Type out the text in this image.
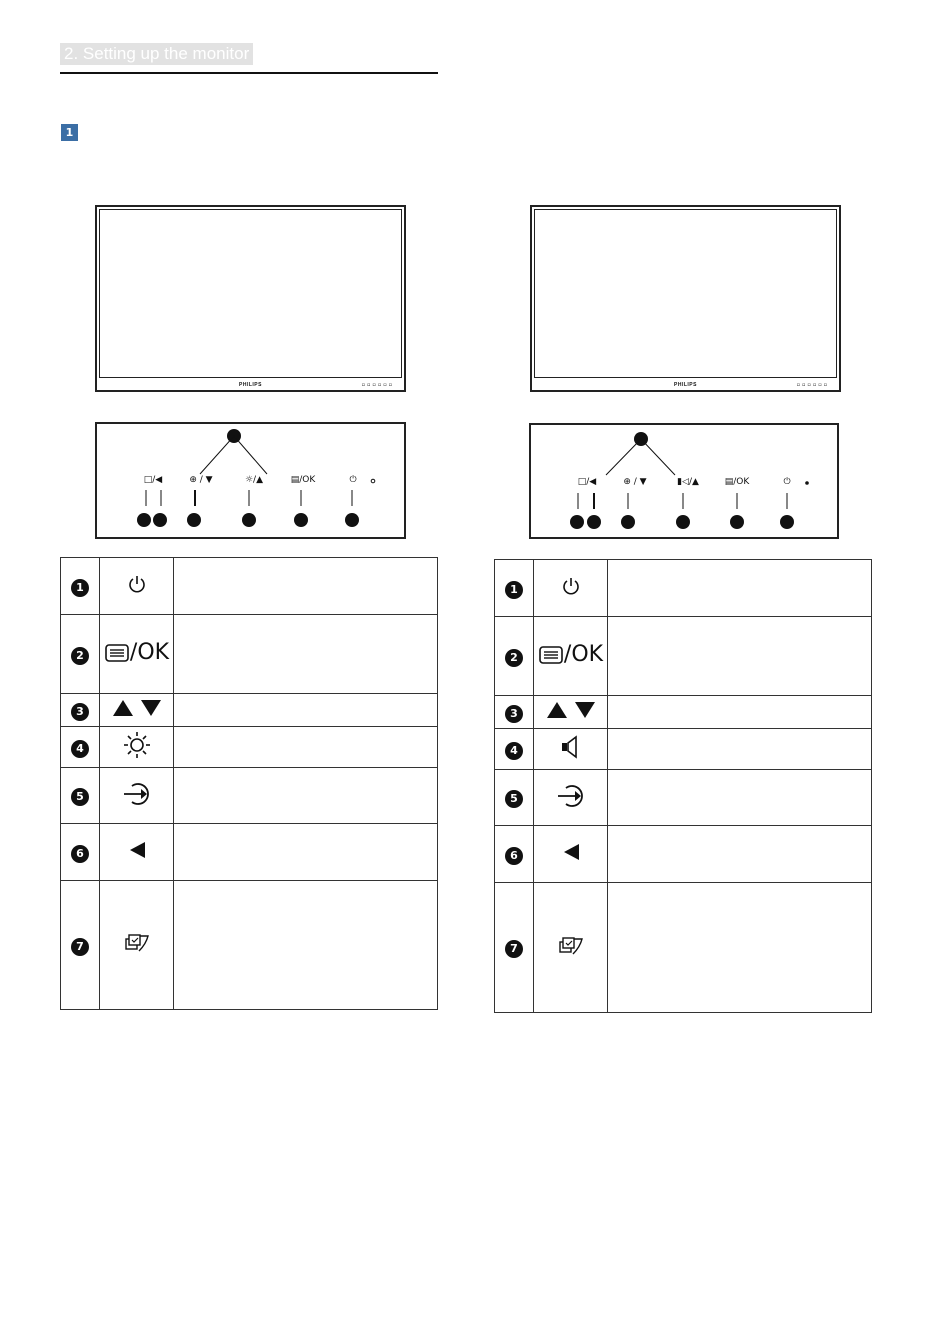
2. Setting up the monitor
1
PHILIPS	▫▫▫▫▫▫
□/◀	⊕ / ▼	☼/▲	▤/OK	⏻
PHILIPS	▫▫▫▫▫▫
□/◀	⊕ / ▼	▮◁/▲	▤/OK	⏻
1	

2	/OK	

3	

4	

5	

6	

7	

1	

2	/OK	

3	

4	

5	

6	

7	
